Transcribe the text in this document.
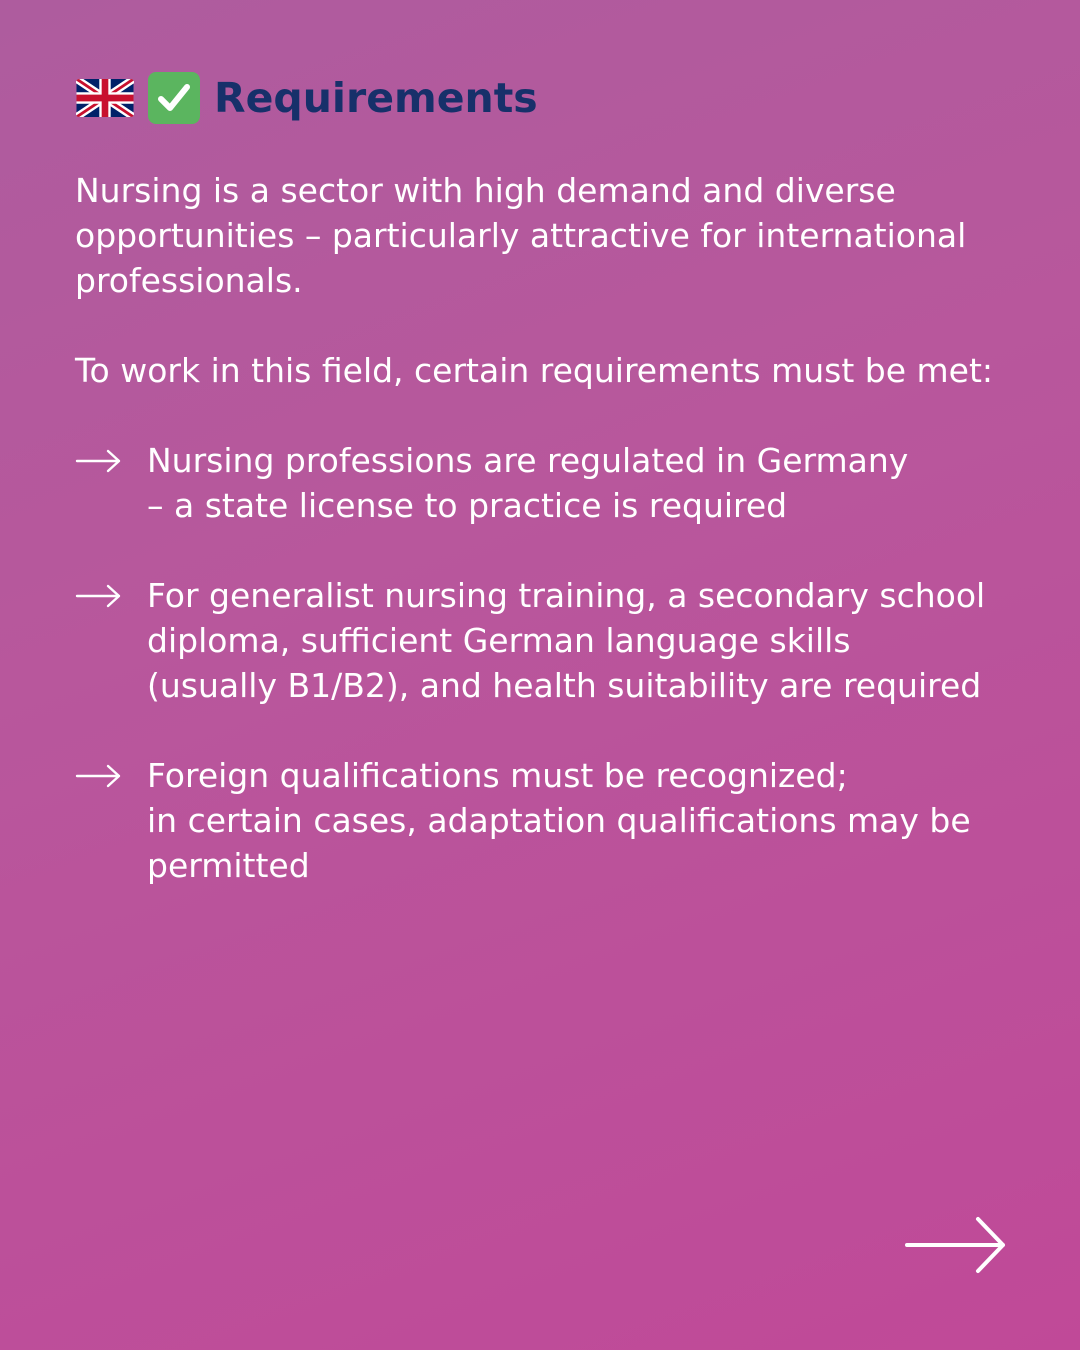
Requirements

Nursing is a sector with high demand and diverse opportunities – particularly attractive for international professionals.

To work in this field, certain requirements must be met:

Nursing professions are regulated in Germany
– a state license to practice is required
For generalist nursing training, a secondary school
diploma, sufficient German language skills
(usually B1/B2), and health suitability are required
Foreign qualifications must be recognized;
in certain cases, adaptation qualifications may be
permitted
